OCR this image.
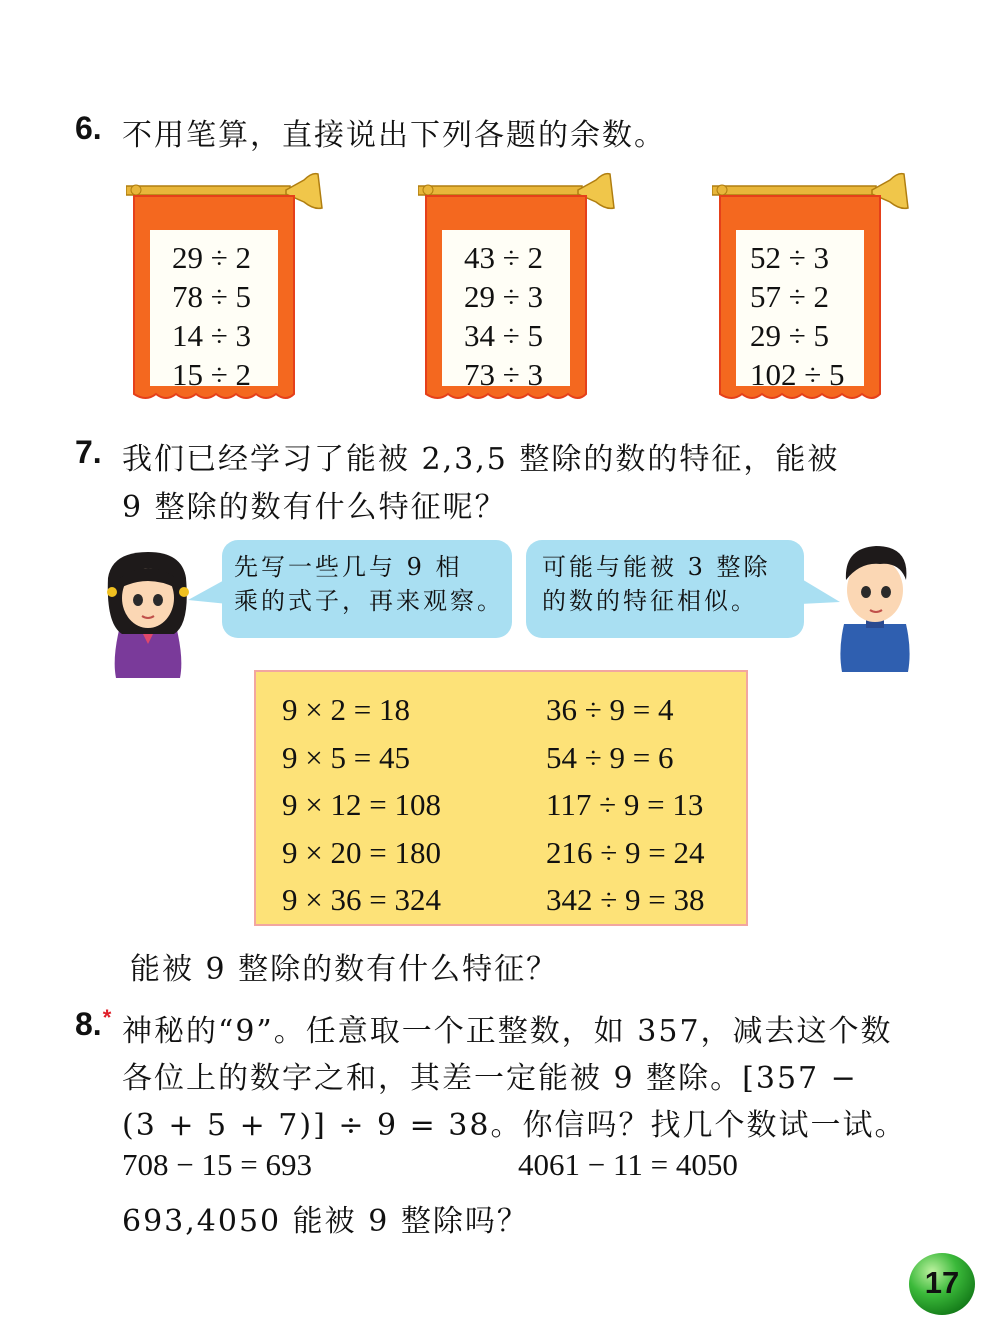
6. 不用笔算，直接说出下列各题的余数。
29 ÷ 2
78 ÷ 5
14 ÷ 3
15 ÷ 2
43 ÷ 2
29 ÷ 3
34 ÷ 5
73 ÷ 3
52 ÷ 3
57 ÷ 2
29 ÷ 5
102 ÷ 5
7. 我们已经学习了能被 2,3,5 整除的数的特征，能被
9 整除的数有什么特征呢？
先写一些几与 9 相
乘的式子，再来观察。
可能与能被 3 整除
的数的特征相似。
9 × 2 = 18
9 × 5 = 45
9 × 12 = 108
9 × 20 = 180
9 × 36 = 324
36 ÷ 9 = 4
54 ÷ 9 = 6
117 ÷ 9 = 13
216 ÷ 9 = 24
342 ÷ 9 = 38
能被 9 整除的数有什么特征？
8.* 神秘的“9”。任意取一个正整数，如 357，减去这个数
各位上的数字之和，其差一定能被 9 整除。[357 −
(3 + 5 + 7)] ÷ 9 = 38。你信吗？找几个数试一试。
708 − 15 = 693	4061 − 11 = 4050
693,4050 能被 9 整除吗？
17
